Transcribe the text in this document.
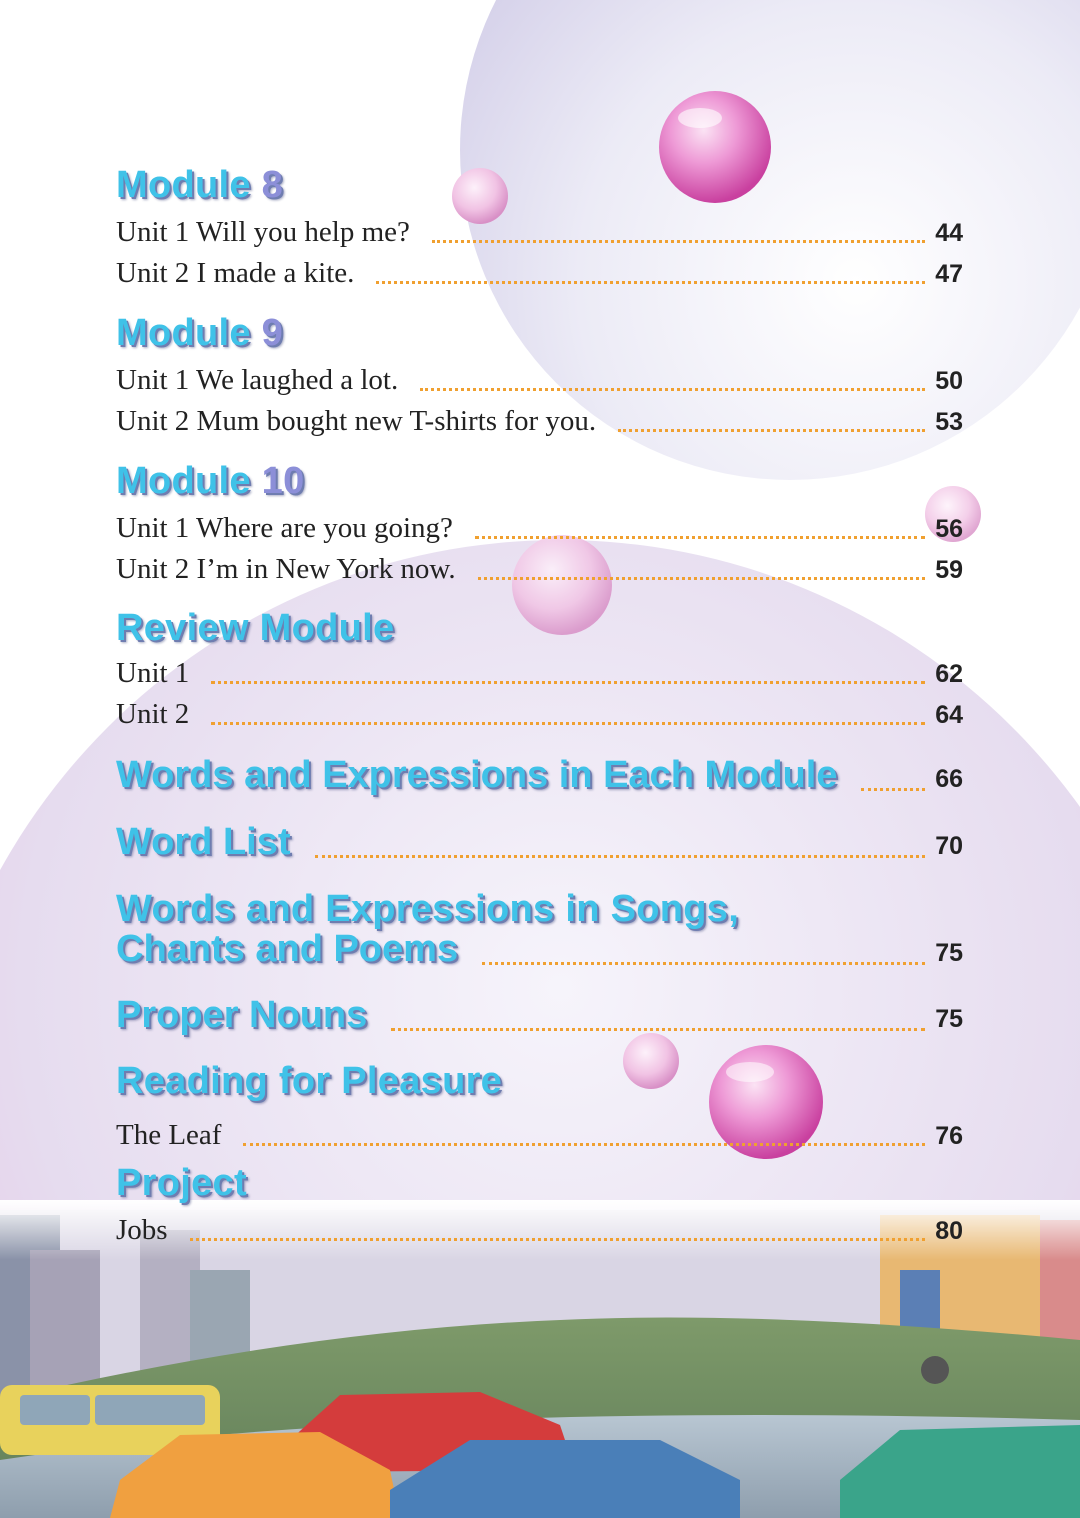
Module 8
Unit 1 Will you help me?	44
Unit 2 I made a kite.	47
Module 9
Unit 1 We laughed a lot.	50
Unit 2 Mum bought new T-shirts for you.	53
Module 10
Unit 1 Where are you going?	56
Unit 2 I’m in New York now.	59
Review Module
Unit 1	62
Unit 2	64
Words and Expressions in Each Module	66
Word List	70
Words and Expressions in Songs,
Chants and Poems	75
Proper Nouns	75
Reading for Pleasure
The Leaf	76
Project
Jobs	80
